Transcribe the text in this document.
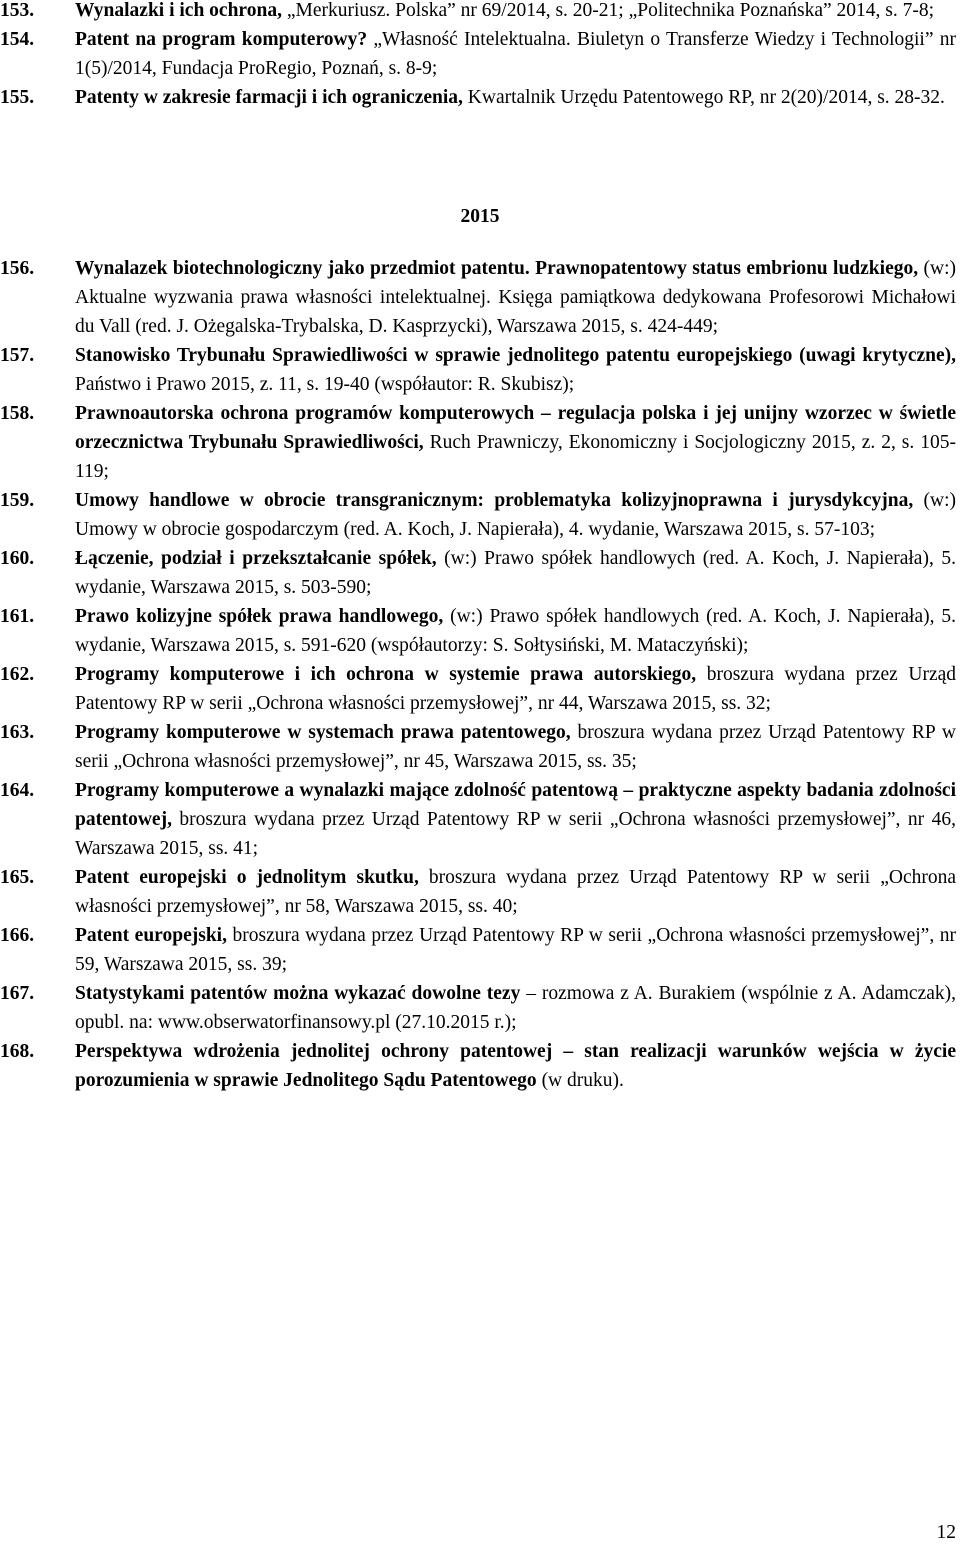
153.	Wynalazki i ich ochrona, „Merkuriusz. Polska” nr 69/2014, s. 20-21; „Politechnika Poznańska” 2014, s. 7-8;
154.	Patent na program komputerowy? „Własność Intelektualna. Biuletyn o Transferze Wiedzy i Technologii” nr 1(5)/2014, Fundacja ProRegio, Poznań, s. 8-9;
155.	Patenty w zakresie farmacji i ich ograniczenia, Kwartalnik Urzędu Patentowego RP, nr 2(20)/2014, s. 28-32.
2015
156.	Wynalazek biotechnologiczny jako przedmiot patentu. Prawnopatentowy status embrionu ludzkiego, (w:) Aktualne wyzwania prawa własności intelektualnej. Księga pamiątkowa dedykowana Profesorowi Michałowi du Vall (red. J. Ożegalska-Trybalska, D. Kasprzycki), Warszawa 2015, s. 424-449;
157.	Stanowisko Trybunału Sprawiedliwości w sprawie jednolitego patentu europejskiego (uwagi krytyczne), Państwo i Prawo 2015, z. 11, s. 19-40 (współautor: R. Skubisz);
158.	Prawnoautorska ochrona programów komputerowych – regulacja polska i jej unijny wzorzec w świetle orzecznictwa Trybunału Sprawiedliwości, Ruch Prawniczy, Ekonomiczny i Socjologiczny 2015, z. 2, s. 105-119;
159.	Umowy handlowe w obrocie transgranicznym: problematyka kolizyjnoprawna i jurysdykcyjna, (w:) Umowy w obrocie gospodarczym (red. A. Koch, J. Napierała), 4. wydanie, Warszawa 2015, s. 57-103;
160.	Łączenie, podział i przekształcanie spółek, (w:) Prawo spółek handlowych (red. A. Koch, J. Napierała), 5. wydanie, Warszawa 2015, s. 503-590;
161.	Prawo kolizyjne spółek prawa handlowego, (w:) Prawo spółek handlowych (red. A. Koch, J. Napierała), 5. wydanie, Warszawa 2015, s. 591-620 (współautorzy: S. Sołtysiński, M. Mataczyński);
162.	Programy komputerowe i ich ochrona w systemie prawa autorskiego, broszura wydana przez Urząd Patentowy RP w serii „Ochrona własności przemysłowej”, nr 44, Warszawa 2015, ss. 32;
163.	Programy komputerowe w systemach prawa patentowego, broszura wydana przez Urząd Patentowy RP w serii „Ochrona własności przemysłowej”, nr 45, Warszawa 2015, ss. 35;
164.	Programy komputerowe a wynalazki mające zdolność patentową – praktyczne aspekty badania zdolności patentowej, broszura wydana przez Urząd Patentowy RP w serii „Ochrona własności przemysłowej”, nr 46, Warszawa 2015, ss. 41;
165.	Patent europejski o jednolitym skutku, broszura wydana przez Urząd Patentowy RP w serii „Ochrona własności przemysłowej”, nr 58, Warszawa 2015, ss. 40;
166.	Patent europejski, broszura wydana przez Urząd Patentowy RP w serii „Ochrona własności przemysłowej”, nr 59, Warszawa 2015, ss. 39;
167.	Statystykami patentów można wykazać dowolne tezy – rozmowa z A. Burakiem (wspólnie z A. Adamczak), opubl. na: www.obserwatorfinansowy.pl (27.10.2015 r.);
168.	Perspektywa wdrożenia jednolitej ochrony patentowej – stan realizacji warunków wejścia w życie porozumienia w sprawie Jednolitego Sądu Patentowego (w druku).
12
